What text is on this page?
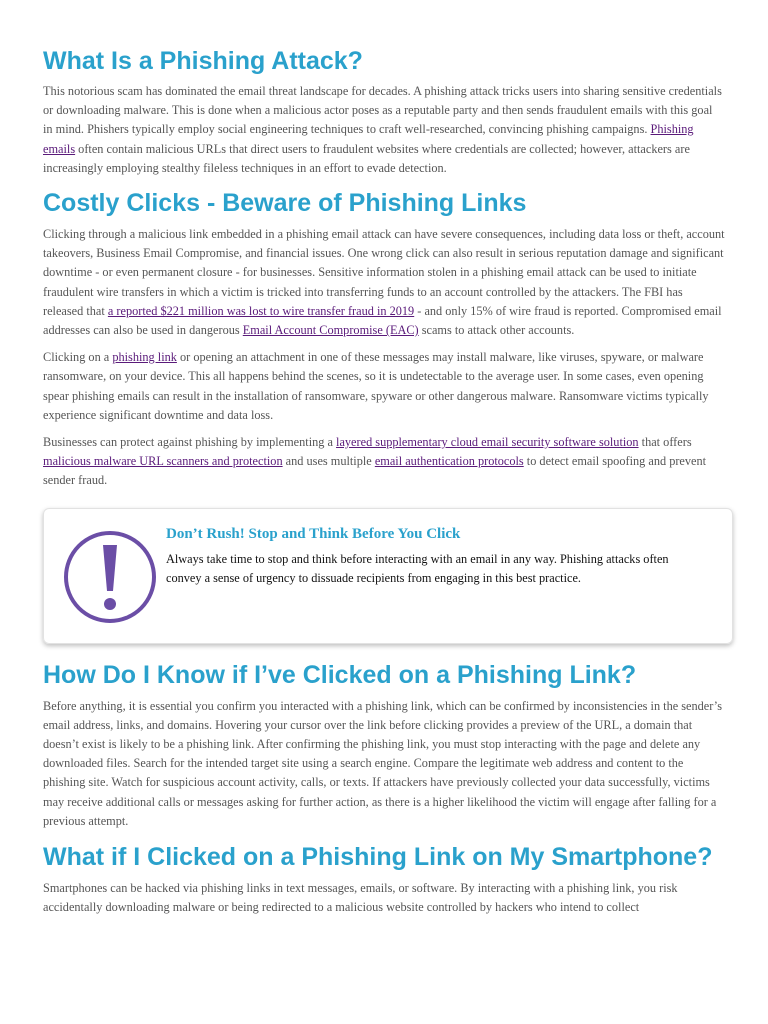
What Is a Phishing Attack?

This notorious scam has dominated the email threat landscape for decades. A phishing attack tricks users into sharing sensitive credentials or downloading malware. This is done when a malicious actor poses as a reputable party and then sends fraudulent emails with this goal in mind. Phishers typically employ social engineering techniques to craft well-researched, convincing phishing campaigns. Phishing emails often contain malicious URLs that direct users to fraudulent websites where credentials are collected; however, attackers are increasingly employing stealthy fileless techniques in an effort to evade detection.

Costly Clicks - Beware of Phishing Links

Clicking through a malicious link embedded in a phishing email attack can have severe consequences, including data loss or theft, account takeovers, Business Email Compromise, and financial issues. One wrong click can also result in serious reputation damage and significant downtime - or even permanent closure - for businesses. Sensitive information stolen in a phishing email attack can be used to initiate fraudulent wire transfers in which a victim is tricked into transferring funds to an account controlled by the attackers. The FBI has released that a reported $221 million was lost to wire transfer fraud in 2019 - and only 15% of wire fraud is reported. Compromised email addresses can also be used in dangerous Email Account Compromise (EAC) scams to attack other accounts.

Clicking on a phishing link or opening an attachment in one of these messages may install malware, like viruses, spyware, or malware ransomware, on your device. This all happens behind the scenes, so it is undetectable to the average user. In some cases, even opening spear phishing emails can result in the installation of ransomware, spyware or other dangerous malware. Ransomware victims typically experience significant downtime and data loss.

Businesses can protect against phishing by implementing a layered supplementary cloud email security software solution that offers malicious malware URL scanners and protection and uses multiple email authentication protocols to detect email spoofing and prevent sender fraud.

Don’t Rush! Stop and Think Before You Click
Always take time to stop and think before interacting with an email in any way. Phishing attacks often convey a sense of urgency to dissuade recipients from engaging in this best practice.
How Do I Know if I’ve Clicked on a Phishing Link?

Before anything, it is essential you confirm you interacted with a phishing link, which can be confirmed by inconsistencies in the sender’s email address, links, and domains. Hovering your cursor over the link before clicking provides a preview of the URL, a domain that doesn’t exist is likely to be a phishing link. After confirming the phishing link, you must stop interacting with the page and delete any downloaded files. Search for the intended target site using a search engine. Compare the legitimate web address and content to the phishing site. Watch for suspicious account activity, calls, or texts. If attackers have previously collected your data successfully, victims may receive additional calls or messages asking for further action, as there is a higher likelihood the victim will engage after falling for a previous attempt.

What if I Clicked on a Phishing Link on My Smartphone?

Smartphones can be hacked via phishing links in text messages, emails, or software. By interacting with a phishing link, you risk accidentally downloading malware or being redirected to a malicious website controlled by hackers who intend to collect
